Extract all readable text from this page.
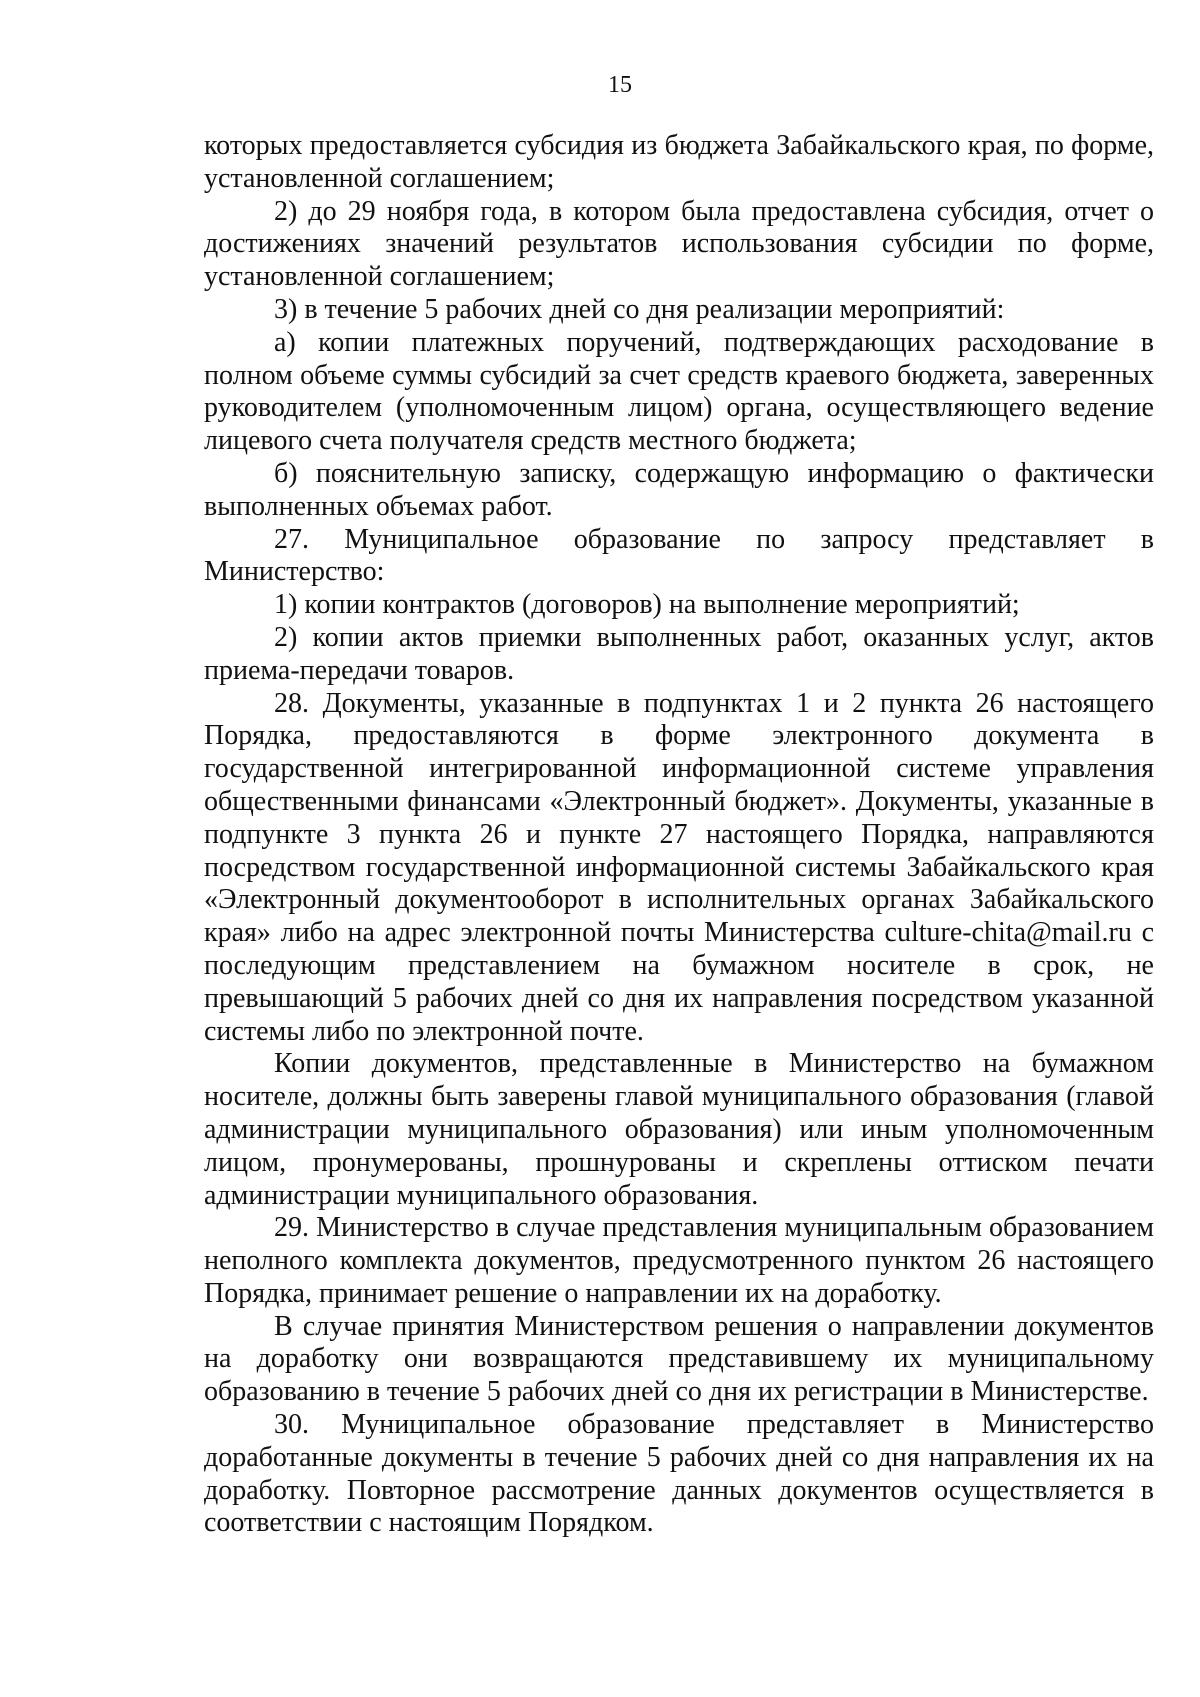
15

которых предоставляется субсидия из бюджета Забайкальского края, по форме, установленной соглашением;

2) до 29 ноября года, в котором была предоставлена субсидия, отчет о достижениях значений результатов использования субсидии по форме, установленной соглашением;

3) в течение 5 рабочих дней со дня реализации мероприятий:

а) копии платежных поручений, подтверждающих расходование в полном объеме суммы субсидий за счет средств краевого бюджета, заверенных руководителем (уполномоченным лицом) органа, осуществляющего ведение лицевого счета получателя средств местного бюджета;

б) пояснительную записку, содержащую информацию о фактически выполненных объемах работ.

27. Муниципальное образование по запросу представляет в Министерство:

1) копии контрактов (договоров) на выполнение мероприятий;

2) копии актов приемки выполненных работ, оказанных услуг, актов приема-передачи товаров.

28. Документы, указанные в подпунктах 1 и 2 пункта 26 настоящего Порядка, предоставляются в форме электронного документа в государственной интегрированной информационной системе управления общественными финансами «Электронный бюджет». Документы, указанные в подпункте 3 пункта 26 и пункте 27 настоящего Порядка, направляются посредством государственной информационной системы Забайкальского края «Электронный документооборот в исполнительных органах Забайкальского края» либо на адрес электронной почты Министерства culture-chita@mail.ru с последующим представлением на бумажном носителе в срок, не превышающий 5 рабочих дней со дня их направления посредством указанной системы либо по электронной почте.

Копии документов, представленные в Министерство на бумажном носителе, должны быть заверены главой муниципального образования (главой администрации муниципального образования) или иным уполномоченным лицом, пронумерованы, прошнурованы и скреплены оттиском печати администрации муниципального образования.

29. Министерство в случае представления муниципальным образованием неполного комплекта документов, предусмотренного пунктом 26 настоящего Порядка, принимает решение о направлении их на доработку.

В случае принятия Министерством решения о направлении документов на доработку они возвращаются представившему их муниципальному образованию в течение 5 рабочих дней со дня их регистрации в Министерстве.

30. Муниципальное образование представляет в Министерство доработанные документы в течение 5 рабочих дней со дня направления их на доработку. Повторное рассмотрение данных документов осуществляется в соответствии с настоящим Порядком.
